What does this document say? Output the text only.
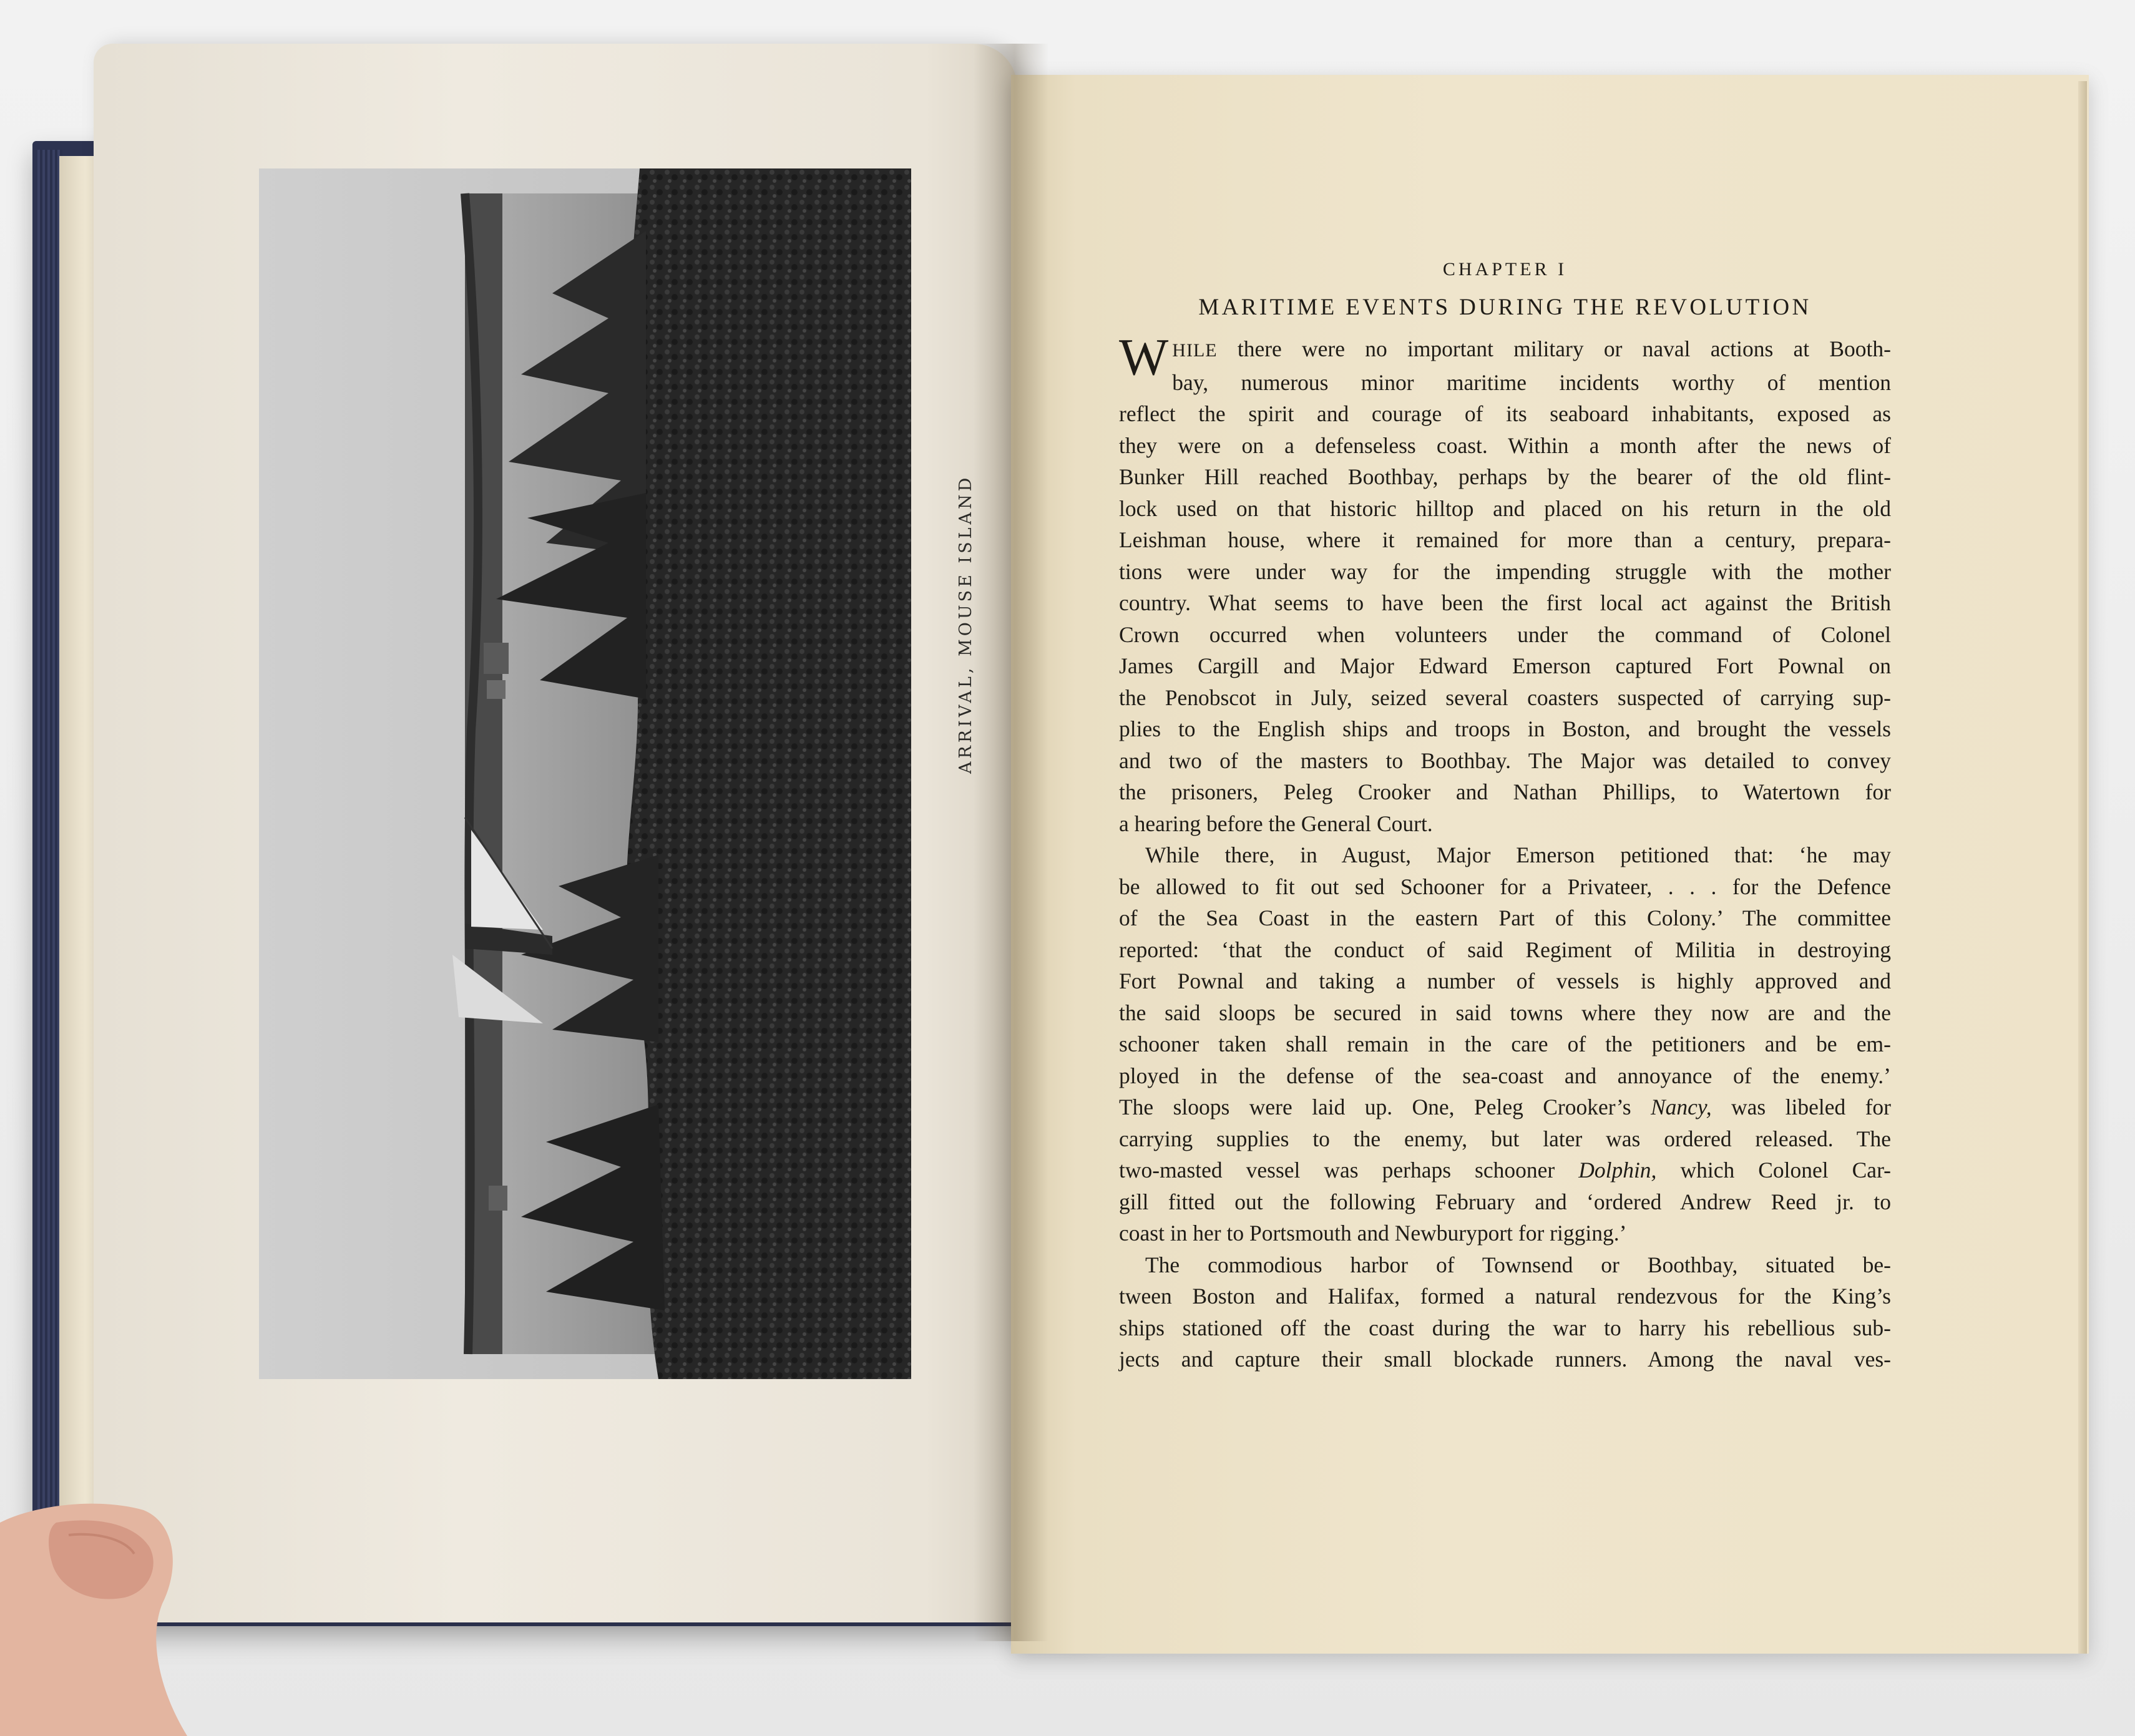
CHAPTER I
MARITIME EVENTS DURING THE REVOLUTION

W HILE there were no important military or naval actions at Booth-
bay, numerous minor maritime incidents worthy of mention
reflect the spirit and courage of its seaboard inhabitants, exposed as
they were on a defenseless coast. Within a month after the news of
Bunker Hill reached Boothbay, perhaps by the bearer of the old flint-
lock used on that historic hilltop and placed on his return in the old
Leishman house, where it remained for more than a century, prepara-
tions were under way for the impending struggle with the mother
country. What seems to have been the first local act against the British
Crown occurred when volunteers under the command of Colonel
James Cargill and Major Edward Emerson captured Fort Pownal on
the Penobscot in July, seized several coasters suspected of carrying sup-
plies to the English ships and troops in Boston, and brought the vessels
and two of the masters to Boothbay. The Major was detailed to convey
the prisoners, Peleg Crooker and Nathan Phillips, to Watertown for
a hearing before the General Court.

While there, in August, Major Emerson petitioned that: ‘he may
be allowed to fit out sed Schooner for a Privateer, . . . for the Defence
of the Sea Coast in the eastern Part of this Colony.’ The committee
reported: ‘that the conduct of said Regiment of Militia in destroying
Fort Pownal and taking a number of vessels is highly approved and
the said sloops be secured in said towns where they now are and the
schooner taken shall remain in the care of the petitioners and be em-
ployed in the defense of the sea-coast and annoyance of the enemy.’
The sloops were laid up. One, Peleg Crooker’s Nancy, was libeled for
carrying supplies to the enemy, but later was ordered released. The
two-masted vessel was perhaps schooner Dolphin, which Colonel Car-
gill fitted out the following February and ‘ordered Andrew Reed jr. to
coast in her to Portsmouth and Newburyport for rigging.’

The commodious harbor of Townsend or Boothbay, situated be-
tween Boston and Halifax, formed a natural rendezvous for the King’s
ships stationed off the coast during the war to harry his rebellious sub-
jects and capture their small blockade runners. Among the naval ves-
